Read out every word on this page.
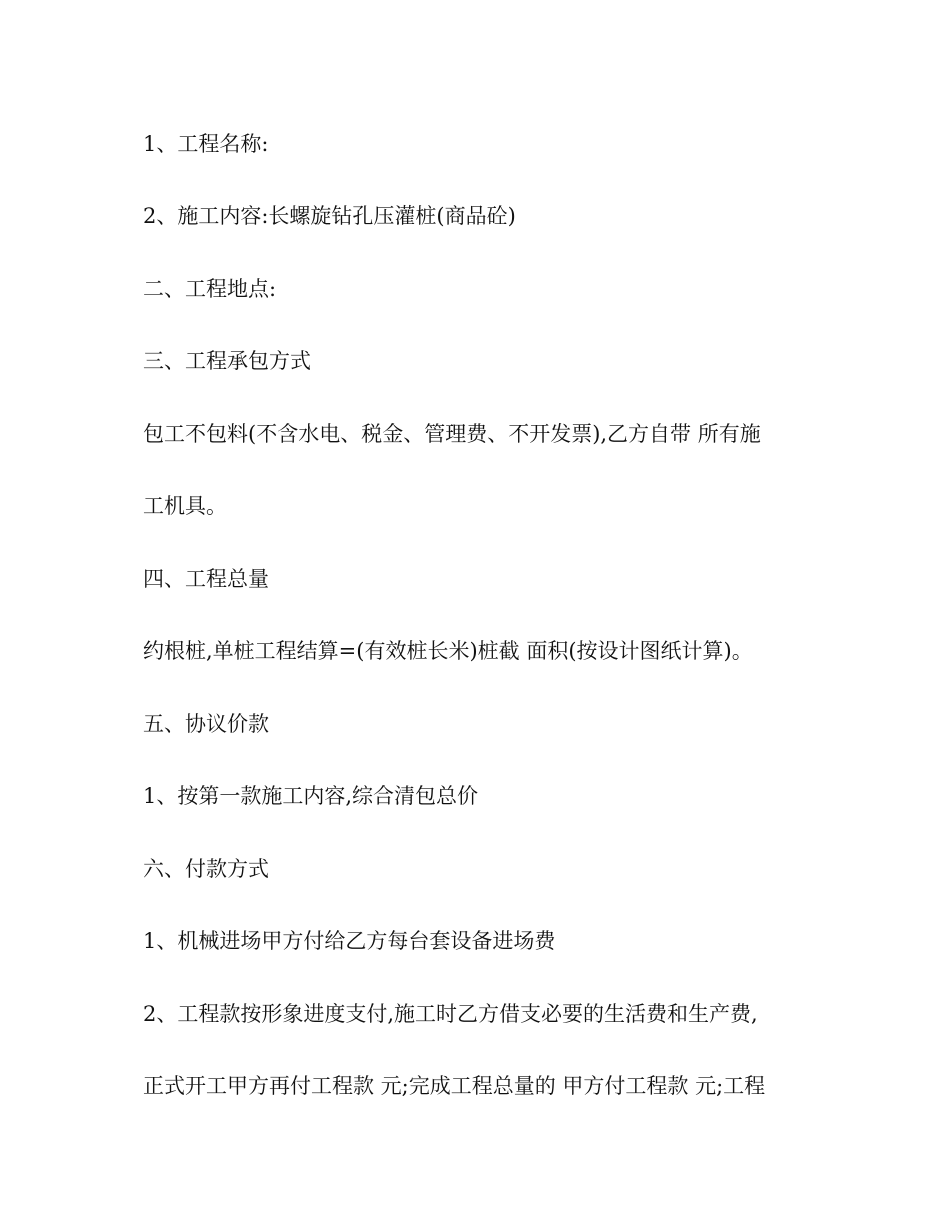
1、工程名称:

2、施工内容:长螺旋钻孔压灌桩(商品砼)

二、工程地点:

三、工程承包方式

包工不包料(不含水电、税金、管理费、不开发票),乙方自带 所有施

工机具。

四、工程总量

约根桩,单桩工程结算=(有效桩长米)桩截 面积(按设计图纸计算)。

五、协议价款

1、按第一款施工内容,综合清包总价

六、付款方式

1、机械进场甲方付给乙方每台套设备进场费

2、工程款按形象进度支付,施工时乙方借支必要的生活费和生产费,

正式开工甲方再付工程款 元;完成工程总量的 甲方付工程款 元;工程
